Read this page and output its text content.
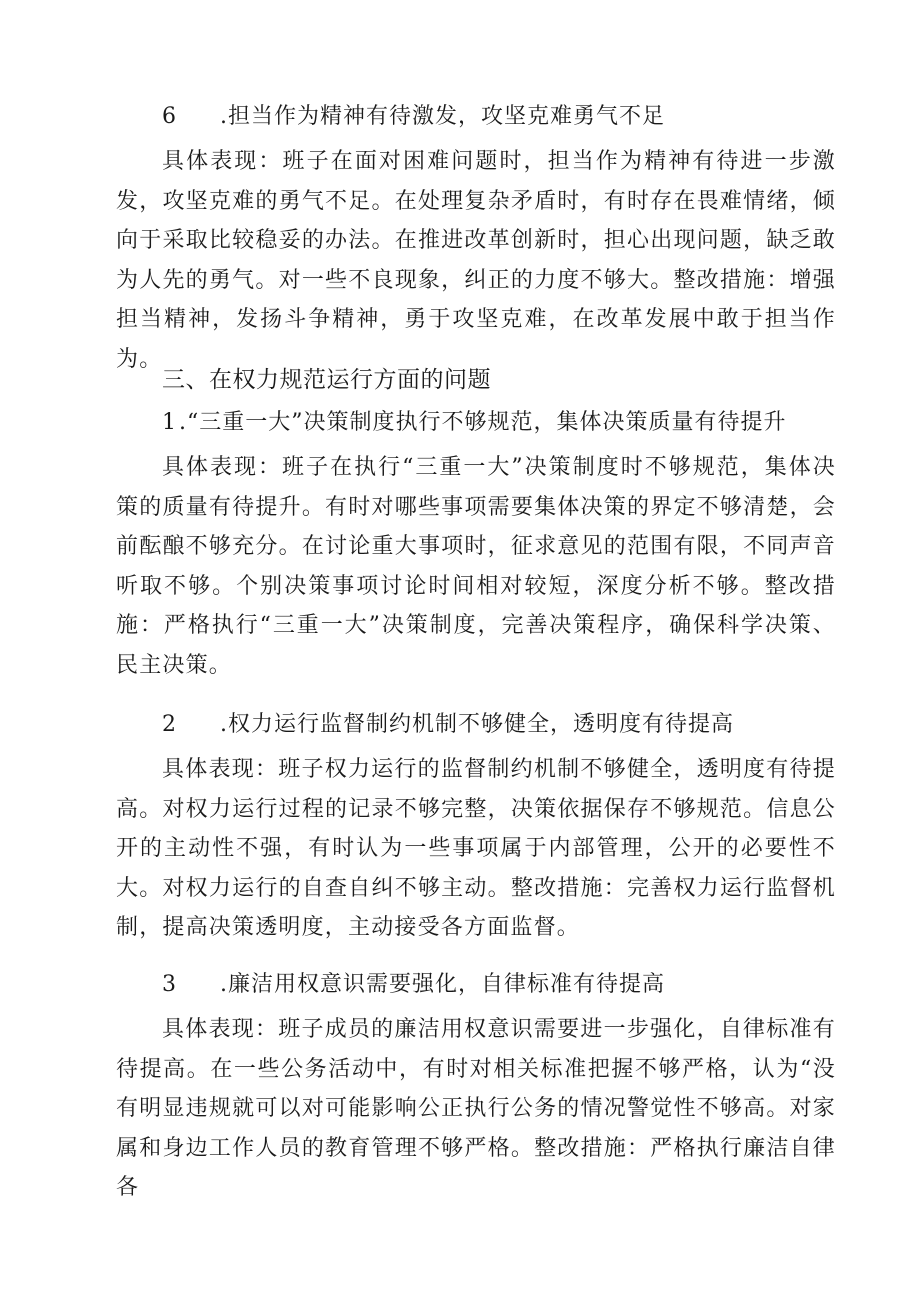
6 .担当作为精神有待激发，攻坚克难勇气不足

具体表现：班子在面对困难问题时，担当作为精神有待进一步激发，攻坚克难的勇气不足。在处理复杂矛盾时，有时存在畏难情绪，倾向于采取比较稳妥的办法。在推进改革创新时，担心出现问题，缺乏敢为人先的勇气。对一些不良现象，纠正的力度不够大。整改措施：增强担当精神，发扬斗争精神，勇于攻坚克难，在改革发展中敢于担当作为。

三、在权力规范运行方面的问题
1.“三重一大”决策制度执行不够规范，集体决策质量有待提升

具体表现：班子在执行“三重一大”决策制度时不够规范，集体决策的质量有待提升。有时对哪些事项需要集体决策的界定不够清楚，会前酝酿不够充分。在讨论重大事项时，征求意见的范围有限，不同声音听取不够。个别决策事项讨论时间相对较短，深度分析不够。整改措施：严格执行“三重一大”决策制度，完善决策程序，确保科学决策、民主决策。

2 .权力运行监督制约机制不够健全，透明度有待提高

具体表现：班子权力运行的监督制约机制不够健全，透明度有待提高。对权力运行过程的记录不够完整，决策依据保存不够规范。信息公开的主动性不强，有时认为一些事项属于内部管理，公开的必要性不大。对权力运行的自查自纠不够主动。整改措施：完善权力运行监督机制，提高决策透明度，主动接受各方面监督。

3 .廉洁用权意识需要强化，自律标准有待提高

具体表现：班子成员的廉洁用权意识需要进一步强化，自律标准有待提高。在一些公务活动中，有时对相关标准把握不够严格，认为“没有明显违规就可以对可能影响公正执行公务的情况警觉性不够高。对家属和身边工作人员的教育管理不够严格。整改措施：严格执行廉洁自律各
